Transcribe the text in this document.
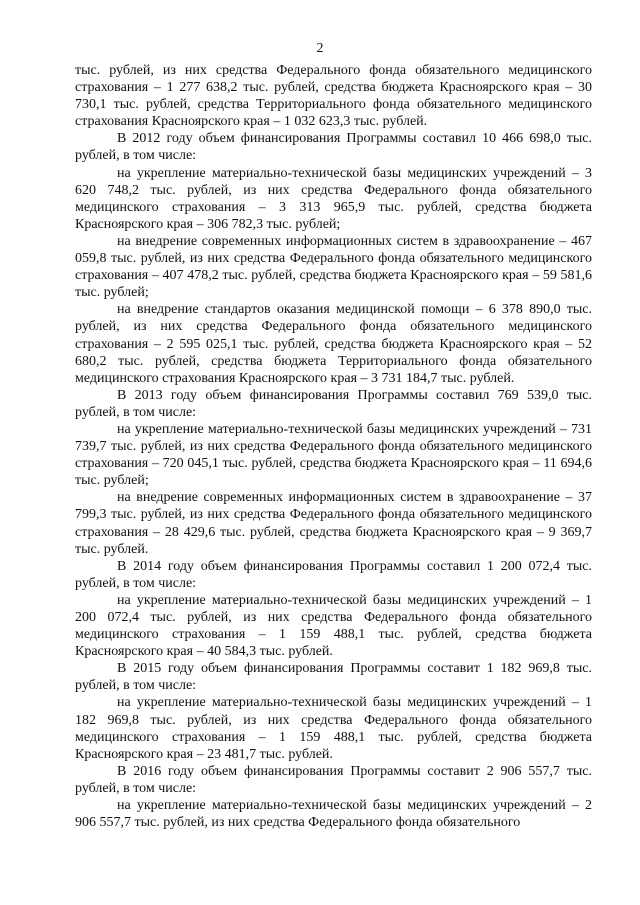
2

тыс. рублей, из них средства Федерального фонда обязательного медицинского страхования – 1 277 638,2 тыс. рублей, средства бюджета Красноярского края – 30 730,1 тыс. рублей, средства Территориального фонда обязательного медицинского страхования Красноярского края – 1 032 623,3 тыс. рублей.

В 2012 году объем финансирования Программы составил 10 466 698,0 тыс. рублей, в том числе:

на укрепление материально-технической базы медицинских учреждений – 3 620 748,2 тыс. рублей, из них средства Федерального фонда обязательного медицинского страхования – 3 313 965,9 тыс. рублей, средства бюджета Красноярского края – 306 782,3 тыс. рублей;

на внедрение современных информационных систем в здравоохранение – 467 059,8 тыс. рублей, из них средства Федерального фонда обязательного медицинского страхования – 407 478,2 тыс. рублей, средства бюджета Красноярского края – 59 581,6 тыс. рублей;

на внедрение стандартов оказания медицинской помощи – 6 378 890,0 тыс. рублей, из них средства Федерального фонда обязательного медицинского страхования – 2 595 025,1 тыс. рублей, средства бюджета Красноярского края – 52 680,2 тыс. рублей, средства бюджета Территориального фонда обязательного медицинского страхования Красноярского края – 3 731 184,7 тыс. рублей.

В 2013 году объем финансирования Программы составил 769 539,0 тыс. рублей, в том числе:

на укрепление материально-технической базы медицинских учреждений – 731 739,7 тыс. рублей, из них средства Федерального фонда обязательного медицинского страхования – 720 045,1 тыс. рублей, средства бюджета Красноярского края – 11 694,6 тыс. рублей;

на внедрение современных информационных систем в здравоохранение – 37 799,3 тыс. рублей, из них средства Федерального фонда обязательного медицинского страхования – 28 429,6 тыс. рублей, средства бюджета Красноярского края – 9 369,7 тыс. рублей.

В 2014 году объем финансирования Программы составил 1 200 072,4 тыс. рублей, в том числе:

на укрепление материально-технической базы медицинских учреждений – 1 200 072,4 тыс. рублей, из них средства Федерального фонда обязательного медицинского страхования – 1 159 488,1 тыс. рублей, средства бюджета Красноярского края – 40 584,3 тыс. рублей.

В 2015 году объем финансирования Программы составит 1 182 969,8 тыс. рублей, в том числе:

на укрепление материально-технической базы медицинских учреждений – 1 182 969,8 тыс. рублей, из них средства Федерального фонда обязательного медицинского страхования – 1 159 488,1 тыс. рублей, средства бюджета Красноярского края – 23 481,7 тыс. рублей.

В 2016 году объем финансирования Программы составит 2 906 557,7 тыс. рублей, в том числе:

на укрепление материально-технической базы медицинских учреждений – 2 906 557,7 тыс. рублей, из них средства Федерального фонда обязательного
